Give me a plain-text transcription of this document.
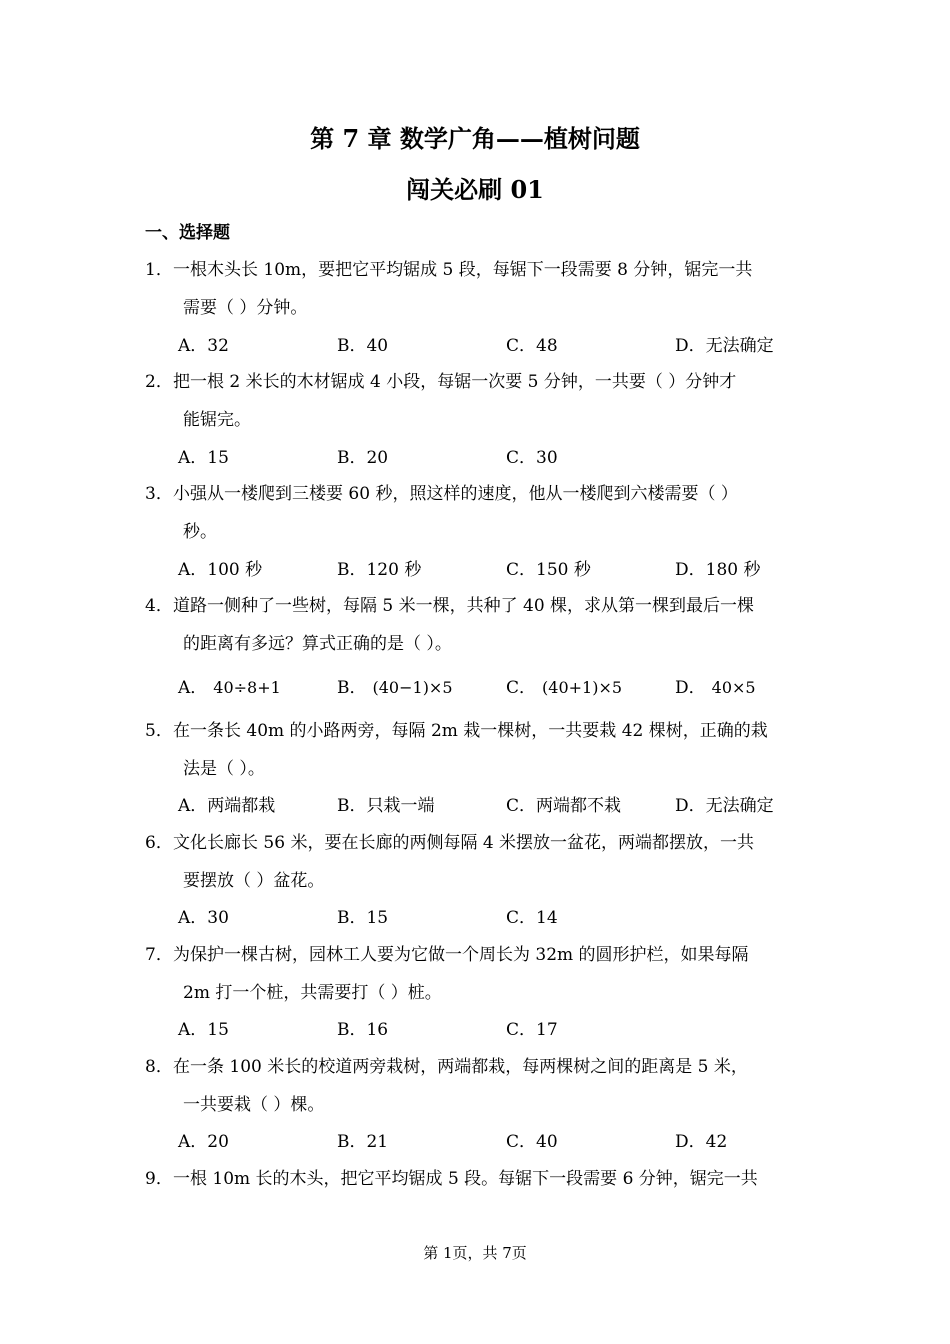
第 7 章 数学广角——植树问题
闯关必刷 01
一、选择题
1．一根木头长 10m，要把它平均锯成 5 段，每锯下一段需要 8 分钟，锯完一共
需要（ ）分钟。
A．32	B．40	C．48	D．无法确定
2．把一根 2 米长的木材锯成 4 小段，每锯一次要 5 分钟，一共要（ ）分钟才
能锯完。
A．15	B．20	C．30
3．小强从一楼爬到三楼要 60 秒，照这样的速度，他从一楼爬到六楼需要（ ）
秒。
A．100 秒	B．120 秒	C．150 秒	D．180 秒
4．道路一侧种了一些树，每隔 5 米一棵，共种了 40 棵，求从第一棵到最后一棵
的距离有多远？算式正确的是（ ）。
A． 40÷8+1	B． (40−1)×5	C． (40+1)×5	D． 40×5
5．在一条长 40m 的小路两旁，每隔 2m 栽一棵树，一共要栽 42 棵树，正确的栽
法是（ ）。
A．两端都栽	B．只栽一端	C．两端都不栽	D．无法确定
6．文化长廊长 56 米，要在长廊的两侧每隔 4 米摆放一盆花，两端都摆放，一共
要摆放（ ）盆花。
A．30	B．15	C．14
7．为保护一棵古树，园林工人要为它做一个周长为 32m 的圆形护栏，如果每隔
2m 打一个桩，共需要打（ ）桩。
A．15	B．16	C．17
8．在一条 100 米长的校道两旁栽树，两端都栽，每两棵树之间的距离是 5 米，
一共要栽（ ）棵。
A．20	B．21	C．40	D．42
9．一根 10m 长的木头，把它平均锯成 5 段。每锯下一段需要 6 分钟，锯完一共
第 1页，共 7页
